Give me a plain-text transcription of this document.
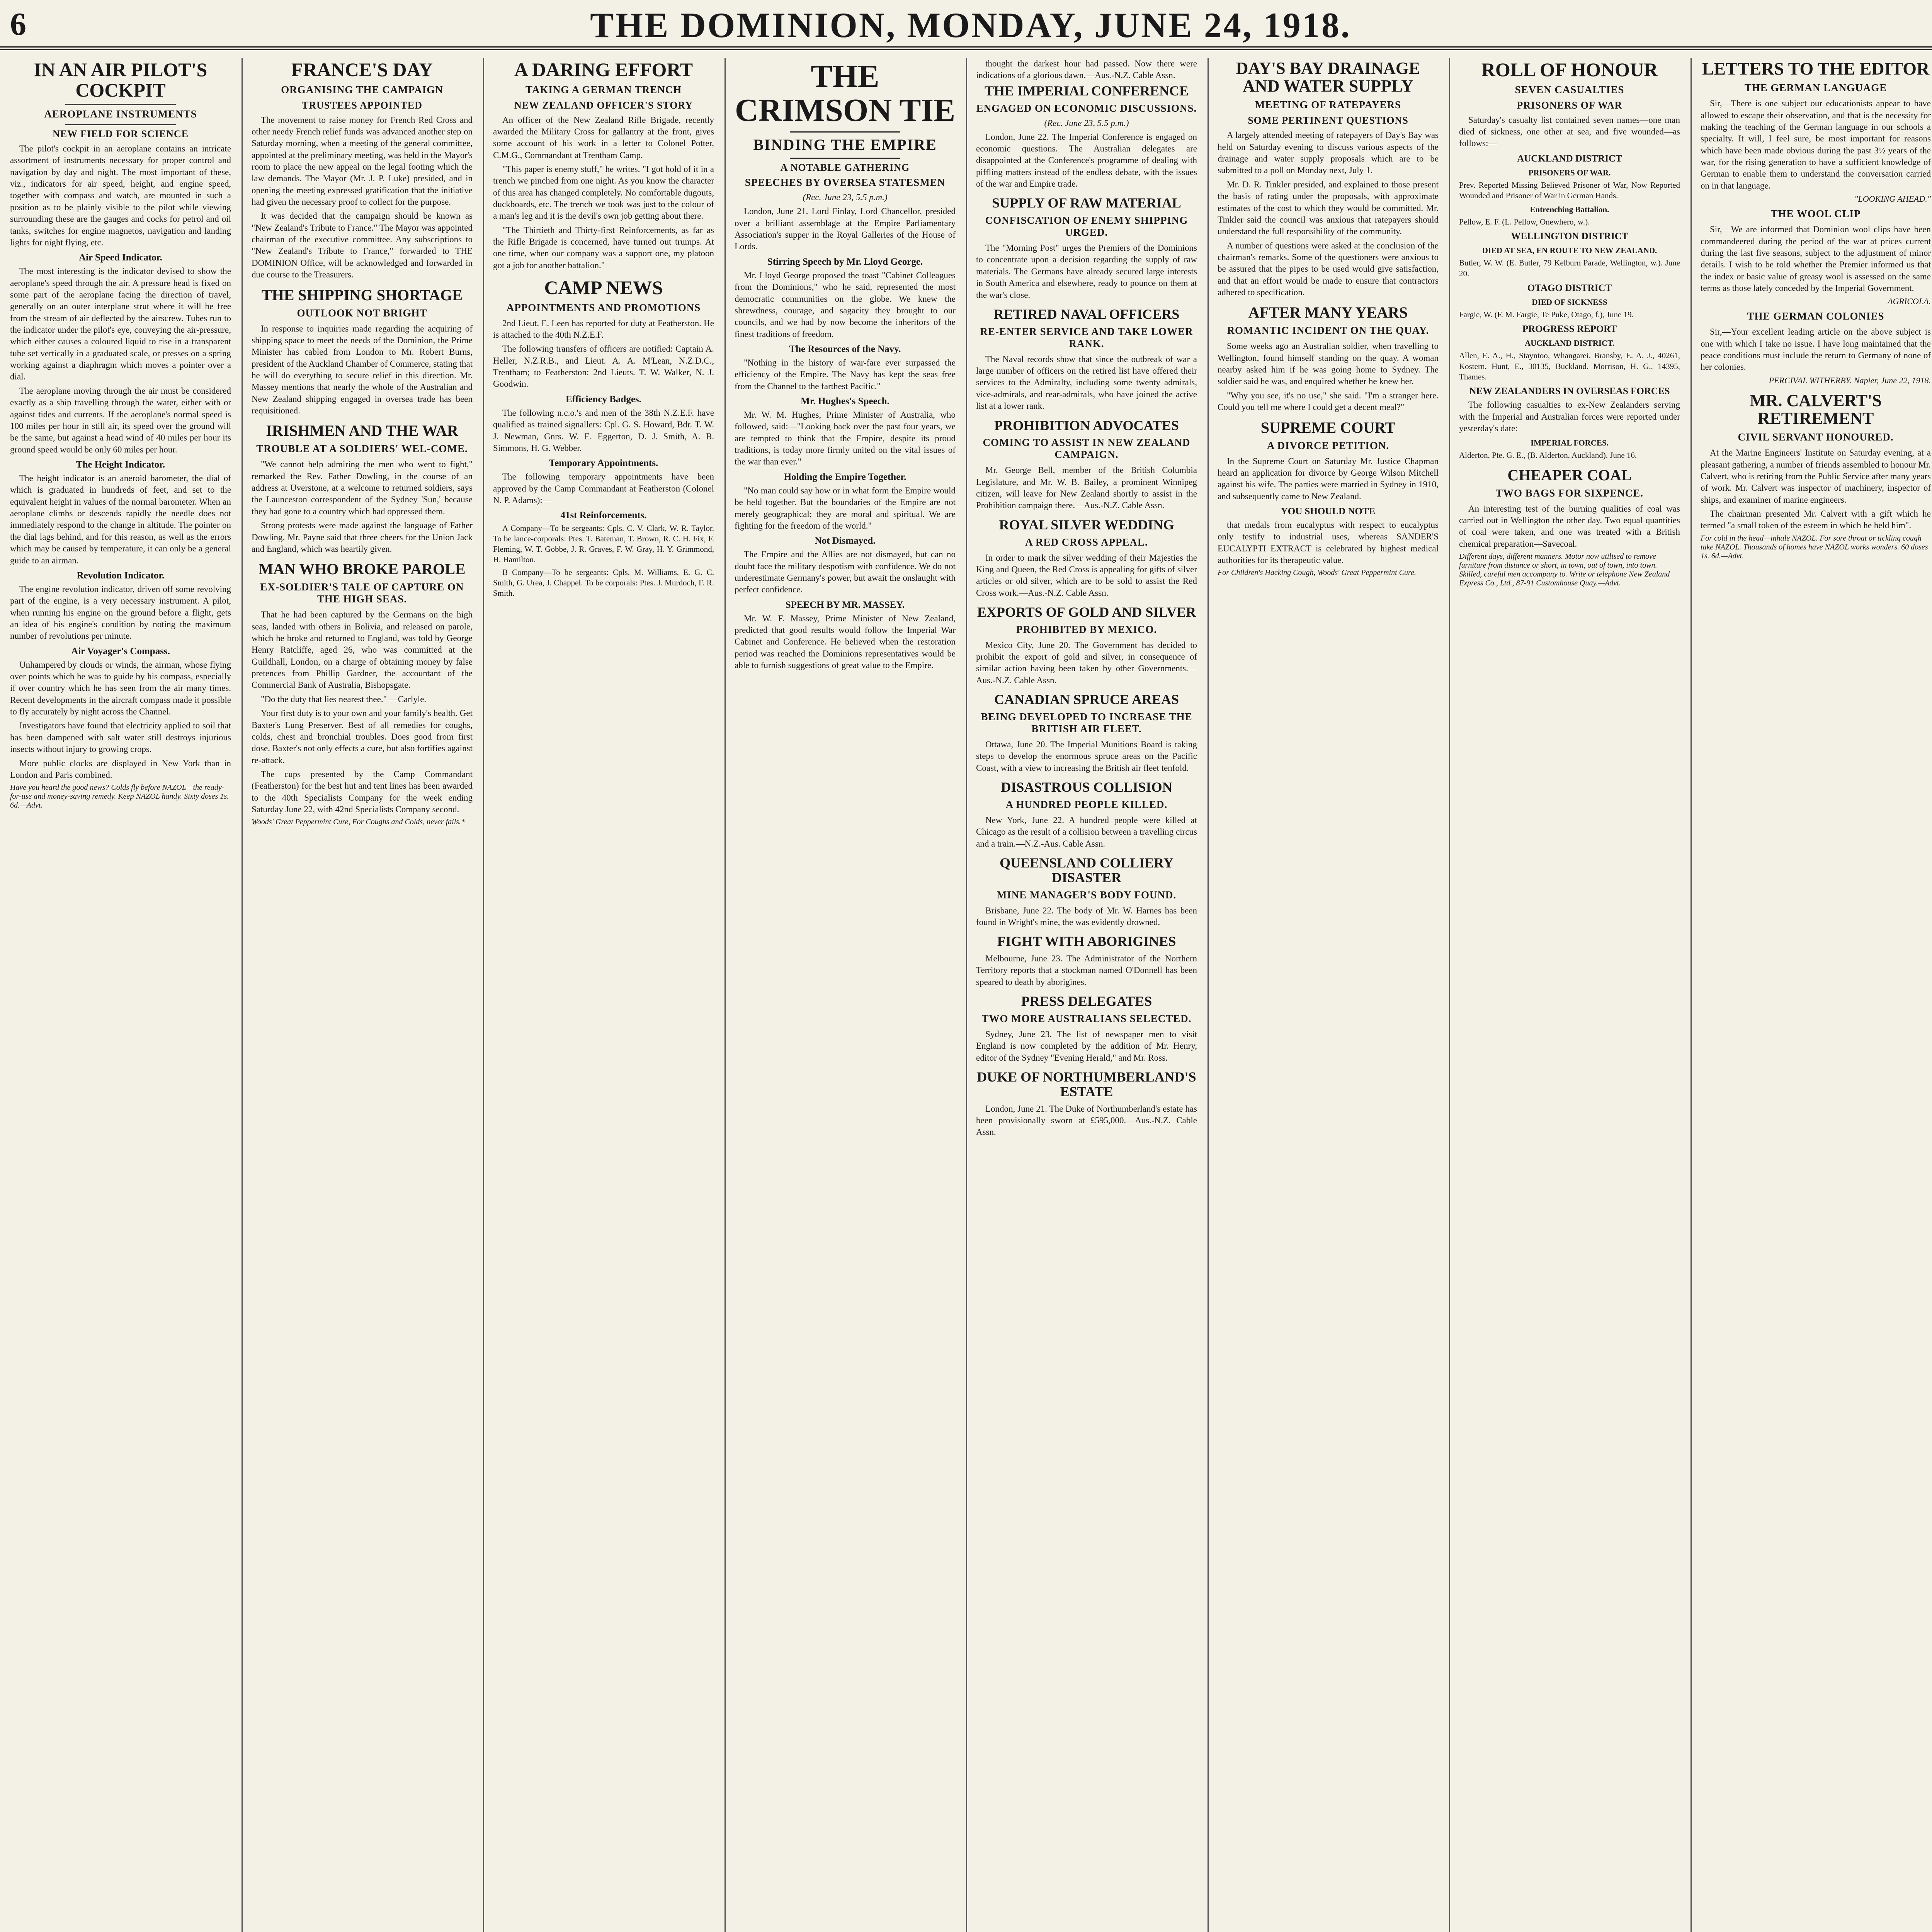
6	THE DOMINION, MONDAY, JUNE 24, 1918.
IN AN AIR PILOT'S COCKPIT
AEROPLANE INSTRUMENTS
NEW FIELD FOR SCIENCE

The pilot's cockpit in an aeroplane contains an intricate assortment of instruments necessary for proper control and navigation by day and night. The most important of these, viz., indicators for air speed, height, and engine speed, together with compass and watch, are mounted in such a position as to be plainly visible to the pilot while viewing surrounding these are the gauges and cocks for petrol and oil tanks, switches for engine magnetos, navigation and landing lights for night flying, etc.

Air Speed Indicator.

The most interesting is the indicator devised to show the aeroplane's speed through the air. A pressure head is fixed on some part of the aeroplane facing the direction of travel, generally on an outer interplane strut where it will be free from the stream of air deflected by the airscrew. Tubes run to the indicator under the pilot's eye, conveying the air-pressure, which either causes a coloured liquid to rise in a transparent tube set vertically in a graduated scale, or presses on a spring working against a diaphragm which moves a pointer over a dial.

The aeroplane moving through the air must be considered exactly as a ship travelling through the water, either with or against tides and currents. If the aeroplane's normal speed is 100 miles per hour in still air, its speed over the ground will be the same, but against a head wind of 40 miles per hour its ground speed would be only 60 miles per hour.

The Height Indicator.

The height indicator is an aneroid barometer, the dial of which is graduated in hundreds of feet, and set to the equivalent height in values of the normal barometer. When an aeroplane climbs or descends rapidly the needle does not immediately respond to the change in altitude. The pointer on the dial lags behind, and for this reason, as well as the errors which may be caused by temperature, it can only be a general guide to an airman.

Revolution Indicator.

The engine revolution indicator, driven off some revolving part of the engine, is a very necessary instrument. A pilot, when running his engine on the ground before a flight, gets an idea of his engine's condition by noting the maximum number of revolutions per minute.

Air Voyager's Compass.

Unhampered by clouds or winds, the airman, whose flying over points which he was to guide by his compass, especially if over country which he has seen from the air many times. Recent developments in the aircraft compass made it possible to fly accurately by night across the Channel.

Investigators have found that electricity applied to soil that has been dampened with salt water still destroys injurious insects without injury to growing crops.

More public clocks are displayed in New York than in London and Paris combined.

Have you heard the good news? Colds fly before NAZOL—the ready-for-use and money-saving remedy. Keep NAZOL handy. Sixty doses 1s. 6d.—Advt.

FRANCE'S DAY
ORGANISING THE CAMPAIGN
TRUSTEES APPOINTED

The movement to raise money for French Red Cross and other needy French relief funds was advanced another step on Saturday morning, when a meeting of the general committee, appointed at the preliminary meeting, was held in the Mayor's room to place the new appeal on the legal footing which the law demands. The Mayor (Mr. J. P. Luke) presided, and in opening the meeting expressed gratification that the initiative had given the necessary proof to collect for the purpose.

It was decided that the campaign should be known as "New Zealand's Tribute to France." The Mayor was appointed chairman of the executive committee. Any subscriptions to "New Zealand's Tribute to France," forwarded to THE DOMINION Office, will be acknowledged and forwarded in due course to the Treasurers.

THE SHIPPING SHORTAGE
OUTLOOK NOT BRIGHT

In response to inquiries made regarding the acquiring of shipping space to meet the needs of the Dominion, the Prime Minister has cabled from London to Mr. Robert Burns, president of the Auckland Chamber of Commerce, stating that he will do everything to secure relief in this direction. Mr. Massey mentions that nearly the whole of the Australian and New Zealand shipping engaged in oversea trade has been requisitioned.

IRISHMEN AND THE WAR
TROUBLE AT A SOLDIERS' WEL-COME.

"We cannot help admiring the men who went to fight," remarked the Rev. Father Dowling, in the course of an address at Uverstone, at a welcome to returned soldiers, says the Launceston correspondent of the Sydney 'Sun,' because they had gone to a country which had oppressed them.

Strong protests were made against the language of Father Dowling. Mr. Payne said that three cheers for the Union Jack and England, which was heartily given.

MAN WHO BROKE PAROLE
EX-SOLDIER'S TALE OF CAPTURE ON THE HIGH SEAS.

That he had been captured by the Germans on the high seas, landed with others in Bolivia, and released on parole, which he broke and returned to England, was told by George Henry Ratcliffe, aged 26, who was committed at the Guildhall, London, on a charge of obtaining money by false pretences from Phillip Gardner, the accountant of the Commercial Bank of Australia, Bishopsgate.

"Do the duty that lies nearest thee." —Carlyle.

Your first duty is to your own and your family's health. Get Baxter's Lung Preserver. Best of all remedies for coughs, colds, chest and bronchial troubles. Does good from first dose. Baxter's not only effects a cure, but also fortifies against re-attack.

The cups presented by the Camp Commandant (Featherston) for the best hut and tent lines has been awarded to the 40th Specialists Company for the week ending Saturday June 22, with 42nd Specialists Company second.

Woods' Great Peppermint Cure, For Coughs and Colds, never fails.*

A DARING EFFORT
TAKING A GERMAN TRENCH
NEW ZEALAND OFFICER'S STORY

An officer of the New Zealand Rifle Brigade, recently awarded the Military Cross for gallantry at the front, gives some account of his work in a letter to Colonel Potter, C.M.G., Commandant at Trentham Camp.

"This paper is enemy stuff," he writes. "I got hold of it in a trench we pinched from one night. As you know the character of this area has changed completely. No comfortable dugouts, duckboards, etc. The trench we took was just to the colour of a man's leg and it is the devil's own job getting about there.

"The Thirtieth and Thirty-first Reinforcements, as far as the Rifle Brigade is concerned, have turned out trumps. At one time, when our company was a support one, my platoon got a job for another battalion."

CAMP NEWS
APPOINTMENTS AND PROMOTIONS

2nd Lieut. E. Leen has reported for duty at Featherston. He is attached to the 40th N.Z.E.F.

The following transfers of officers are notified: Captain A. Heller, N.Z.R.B., and Lieut. A. A. M'Lean, N.Z.D.C., Trentham; to Featherston: 2nd Lieuts. T. W. Walker, N. J. Goodwin.

Efficiency Badges.

The following n.c.o.'s and men of the 38th N.Z.E.F. have qualified as trained signallers: Cpl. G. S. Howard, Bdr. T. W. J. Newman, Gnrs. W. E. Eggerton, D. J. Smith, A. B. Simmons, H. G. Webber.

Temporary Appointments.

The following temporary appointments have been approved by the Camp Commandant at Featherston (Colonel N. P. Adams):—

41st Reinforcements.

A Company—To be sergeants: Cpls. C. V. Clark, W. R. Taylor. To be lance-corporals: Ptes. T. Bateman, T. Brown, R. C. H. Fix, F. Fleming, W. T. Gobbe, J. R. Graves, F. W. Gray, H. Y. Grimmond, H. Hamilton.

B Company—To be sergeants: Cpls. M. Williams, E. G. C. Smith, G. Urea, J. Chappel. To be corporals: Ptes. J. Murdoch, F. R. Smith.

THE CRIMSON TIE
BINDING THE EMPIRE
A NOTABLE GATHERING
SPEECHES BY OVERSEA STATESMEN
(Rec. June 23, 5.5 p.m.)

London, June 21. Lord Finlay, Lord Chancellor, presided over a brilliant assemblage at the Empire Parliamentary Association's supper in the Royal Galleries of the House of Lords.

Stirring Speech by Mr. Lloyd George.

Mr. Lloyd George proposed the toast "Cabinet Colleagues from the Dominions," who he said, represented the most democratic communities on the globe. We knew the shrewdness, courage, and sagacity they brought to our councils, and we had by now become the inheritors of the finest traditions of freedom.

The Resources of the Navy.

"Nothing in the history of war-fare ever surpassed the efficiency of the Empire. The Navy has kept the seas free from the Channel to the farthest Pacific."

Mr. Hughes's Speech.

Mr. W. M. Hughes, Prime Minister of Australia, who followed, said:—"Looking back over the past four years, we are tempted to think that the Empire, despite its proud traditions, is today more firmly united on the vital issues of the war than ever."

Holding the Empire Together.

"No man could say how or in what form the Empire would be held together. But the boundaries of the Empire are not merely geographical; they are moral and spiritual. We are fighting for the freedom of the world."

Not Dismayed.

The Empire and the Allies are not dismayed, but can no doubt face the military despotism with confidence. We do not underestimate Germany's power, but await the onslaught with perfect confidence.

SPEECH BY MR. MASSEY.

Mr. W. F. Massey, Prime Minister of New Zealand, predicted that good results would follow the Imperial War Cabinet and Conference. He believed when the restoration period was reached the Dominions representatives would be able to furnish suggestions of great value to the Empire.

thought the darkest hour had passed. Now there were indications of a glorious dawn.—Aus.-N.Z. Cable Assn.

THE IMPERIAL CONFERENCE
ENGAGED ON ECONOMIC DISCUSSIONS.
(Rec. June 23, 5.5 p.m.)

London, June 22. The Imperial Conference is engaged on economic questions. The Australian delegates are disappointed at the Conference's programme of dealing with piffling matters instead of the endless debate, with the issues of the war and Empire trade.

SUPPLY OF RAW MATERIAL
CONFISCATION OF ENEMY SHIPPING URGED.

The "Morning Post" urges the Premiers of the Dominions to concentrate upon a decision regarding the supply of raw materials. The Germans have already secured large interests in South America and elsewhere, ready to pounce on them at the war's close.

RETIRED NAVAL OFFICERS
RE-ENTER SERVICE AND TAKE LOWER RANK.

The Naval records show that since the outbreak of war a large number of officers on the retired list have offered their services to the Admiralty, including some twenty admirals, vice-admirals, and rear-admirals, who have joined the active list at a lower rank.

PROHIBITION ADVOCATES
COMING TO ASSIST IN NEW ZEALAND CAMPAIGN.

Mr. George Bell, member of the British Columbia Legislature, and Mr. W. B. Bailey, a prominent Winnipeg citizen, will leave for New Zealand shortly to assist in the Prohibition campaign there.—Aus.-N.Z. Cable Assn.

ROYAL SILVER WEDDING
A RED CROSS APPEAL.

In order to mark the silver wedding of their Majesties the King and Queen, the Red Cross is appealing for gifts of silver articles or old silver, which are to be sold to assist the Red Cross work.—Aus.-N.Z. Cable Assn.

EXPORTS OF GOLD AND SILVER
PROHIBITED BY MEXICO.

Mexico City, June 20. The Government has decided to prohibit the export of gold and silver, in consequence of similar action having been taken by other Governments.—Aus.-N.Z. Cable Assn.

CANADIAN SPRUCE AREAS
BEING DEVELOPED TO INCREASE THE BRITISH AIR FLEET.

Ottawa, June 20. The Imperial Munitions Board is taking steps to develop the enormous spruce areas on the Pacific Coast, with a view to increasing the British air fleet tenfold.

DISASTROUS COLLISION
A HUNDRED PEOPLE KILLED.

New York, June 22. A hundred people were killed at Chicago as the result of a collision between a travelling circus and a train.—N.Z.-Aus. Cable Assn.

QUEENSLAND COLLIERY DISASTER
MINE MANAGER'S BODY FOUND.

Brisbane, June 22. The body of Mr. W. Harnes has been found in Wright's mine, the was evidently drowned.

FIGHT WITH ABORIGINES

Melbourne, June 23. The Administrator of the Northern Territory reports that a stockman named O'Donnell has been speared to death by aborigines.

PRESS DELEGATES
TWO MORE AUSTRALIANS SELECTED.

Sydney, June 23. The list of newspaper men to visit England is now completed by the addition of Mr. Henry, editor of the Sydney "Evening Herald," and Mr. Ross.

DUKE OF NORTHUMBERLAND'S ESTATE

London, June 21. The Duke of Northumberland's estate has been provisionally sworn at £595,000.—Aus.-N.Z. Cable Assn.

DAY'S BAY DRAINAGE AND WATER SUPPLY
MEETING OF RATEPAYERS
SOME PERTINENT QUESTIONS

A largely attended meeting of ratepayers of Day's Bay was held on Saturday evening to discuss various aspects of the drainage and water supply proposals which are to be submitted to a poll on Monday next, July 1.

Mr. D. R. Tinkler presided, and explained to those present the basis of rating under the proposals, with approximate estimates of the cost to which they would be committed. Mr. Tinkler said the council was anxious that ratepayers should understand the full responsibility of the community.

A number of questions were asked at the conclusion of the chairman's remarks. Some of the questioners were anxious to be assured that the pipes to be used would give satisfaction, and that an effort would be made to ensure that contractors adhered to specification.

AFTER MANY YEARS
ROMANTIC INCIDENT ON THE QUAY.

Some weeks ago an Australian soldier, when travelling to Wellington, found himself standing on the quay. A woman nearby asked him if he was going home to Sydney. The soldier said he was, and enquired whether he knew her.

"Why you see, it's no use," she said. "I'm a stranger here. Could you tell me where I could get a decent meal?"

SUPREME COURT
A DIVORCE PETITION.

In the Supreme Court on Saturday Mr. Justice Chapman heard an application for divorce by George Wilson Mitchell against his wife. The parties were married in Sydney in 1910, and subsequently came to New Zealand.

YOU SHOULD NOTE

that medals from eucalyptus with respect to eucalyptus only testify to industrial uses, whereas SANDER'S EUCALYPTI EXTRACT is celebrated by highest medical authorities for its therapeutic value.

For Children's Hacking Cough, Woods' Great Peppermint Cure.

ROLL OF HONOUR
SEVEN CASUALTIES
PRISONERS OF WAR

Saturday's casualty list contained seven names—one man died of sickness, one other at sea, and five wounded—as follows:—

AUCKLAND DISTRICT
PRISONERS OF WAR.

Prev. Reported Missing Believed Prisoner of War, Now Reported Wounded and Prisoner of War in German Hands.

Entrenching Battalion.

Pellow, E. F. (L. Pellow, Onewhero, w.).

WELLINGTON DISTRICT
DIED AT SEA, EN ROUTE TO NEW ZEALAND.

Butler, W. W. (E. Butler, 79 Kelburn Parade, Wellington, w.). June 20.

OTAGO DISTRICT
DIED OF SICKNESS

Fargie, W. (F. M. Fargie, Te Puke, Otago, f.), June 19.

PROGRESS REPORT
AUCKLAND DISTRICT.

Allen, E. A., H., Stayntoo, Whangarei. Bransby, E. A. J., 40261, Kostern. Hunt, E., 30135, Buckland. Morrison, H. G., 14395, Thames.

NEW ZEALANDERS IN OVERSEAS FORCES

The following casualties to ex-New Zealanders serving with the Imperial and Australian forces were reported under yesterday's date:

IMPERIAL FORCES.

Alderton, Pte. G. E., (B. Alderton, Auckland). June 16.

CHEAPER COAL
TWO BAGS FOR SIXPENCE.

An interesting test of the burning qualities of coal was carried out in Wellington the other day. Two equal quantities of coal were taken, and one was treated with a British chemical preparation—Savecoal.

Different days, different manners. Motor now utilised to remove furniture from distance or short, in town, out of town, into town. Skilled, careful men accompany to. Write or telephone New Zealand Express Co., Ltd., 87-91 Customhouse Quay.—Advt.

LETTERS TO THE EDITOR
THE GERMAN LANGUAGE

Sir,—There is one subject our educationists appear to have allowed to escape their observation, and that is the necessity for making the teaching of the German language in our schools a specialty. It will, I feel sure, be most important for reasons which have been made obvious during the past 3½ years of the war, for the rising generation to have a sufficient knowledge of German to enable them to understand the conversation carried on in that language.

"LOOKING AHEAD."
THE WOOL CLIP

Sir,—We are informed that Dominion wool clips have been commandeered during the period of the war at prices current during the last five seasons, subject to the adjustment of minor details. I wish to be told whether the Premier informed us that the index or basic value of greasy wool is assessed on the same terms as those lately conceded by the Imperial Government.

AGRICOLA.
THE GERMAN COLONIES

Sir,—Your excellent leading article on the above subject is one with which I take no issue. I have long maintained that the peace conditions must include the return to Germany of none of her colonies.

PERCIVAL WITHERBY. Napier, June 22, 1918.
MR. CALVERT'S RETIREMENT
CIVIL SERVANT HONOURED.

At the Marine Engineers' Institute on Saturday evening, at a pleasant gathering, a number of friends assembled to honour Mr. Calvert, who is retiring from the Public Service after many years of work. Mr. Calvert was inspector of machinery, inspector of ships, and examiner of marine engineers.

The chairman presented Mr. Calvert with a gift which he termed "a small token of the esteem in which he held him".

For cold in the head—inhale NAZOL. For sore throat or tickling cough take NAZOL. Thousands of homes have NAZOL works wonders. 60 doses 1s. 6d.—Advt.
